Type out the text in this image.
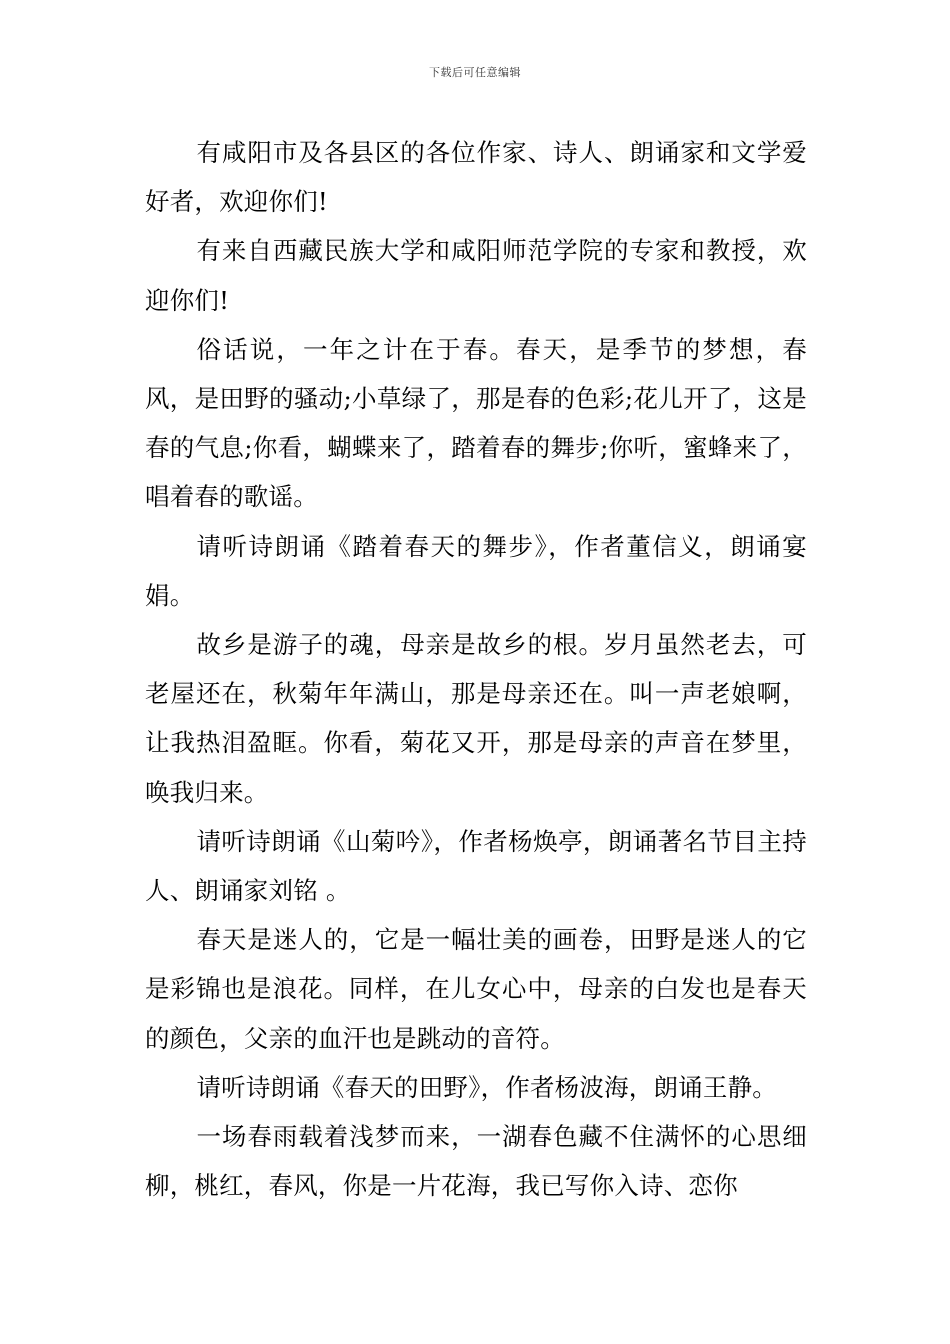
下载后可任意编辑

有咸阳市及各县区的各位作家、诗人、朗诵家和文学爱好者，欢迎你们!

有来自西藏民族大学和咸阳师范学院的专家和教授，欢迎你们!

俗话说，一年之计在于春。春天，是季节的梦想，春风，是田野的骚动;小草绿了，那是春的色彩;花儿开了，这是春的气息;你看，蝴蝶来了，踏着春的舞步;你听，蜜蜂来了，唱着春的歌谣。

请听诗朗诵《踏着春天的舞步》，作者董信义，朗诵宴娟。

故乡是游子的魂，母亲是故乡的根。岁月虽然老去，可老屋还在，秋菊年年满山，那是母亲还在。叫一声老娘啊，让我热泪盈眶。你看，菊花又开，那是母亲的声音在梦里，唤我归来。

请听诗朗诵《山菊吟》，作者杨焕亭，朗诵著名节目主持人、朗诵家刘铭 。

春天是迷人的，它是一幅壮美的画卷，田野是迷人的它是彩锦也是浪花。同样，在儿女心中，母亲的白发也是春天的颜色，父亲的血汗也是跳动的音符。

请听诗朗诵《春天的田野》，作者杨波海，朗诵王静。

一场春雨载着浅梦而来，一湖春色藏不住满怀的心思细柳，桃红，春风，你是一片花海，我已写你入诗、恋你
